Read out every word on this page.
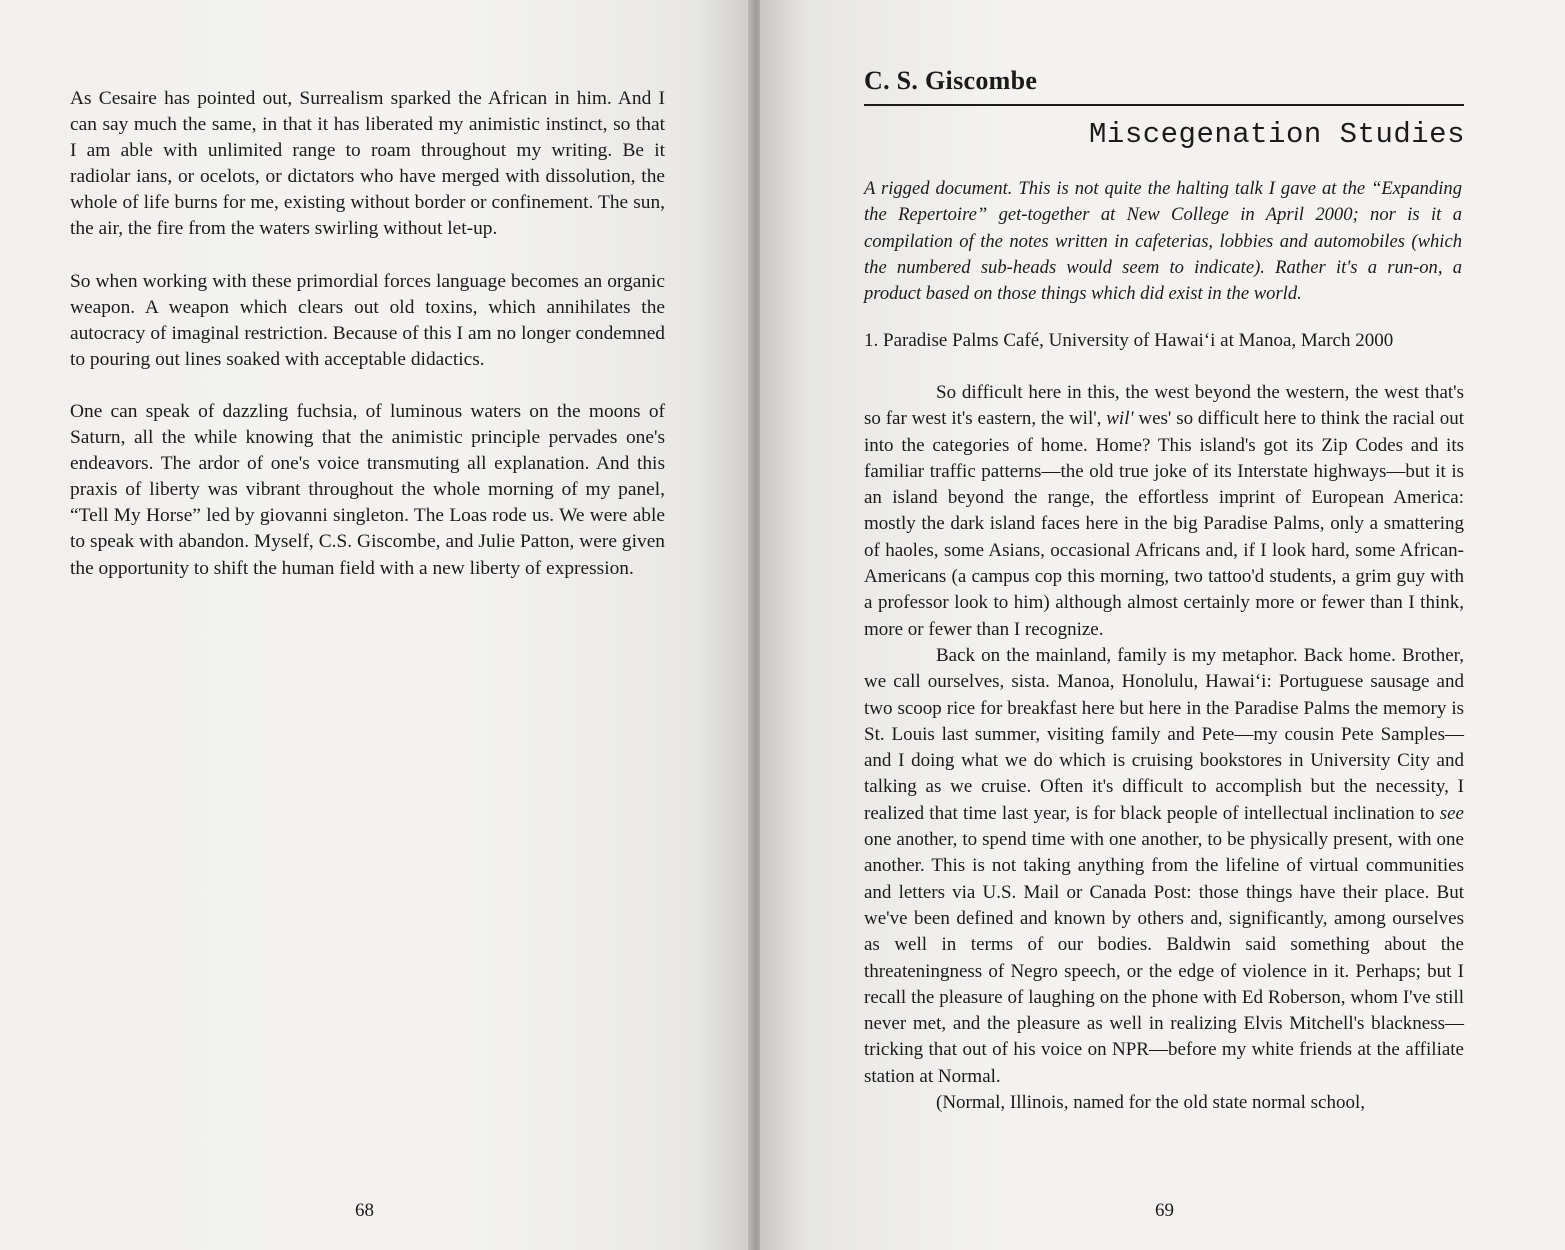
As Cesaire has pointed out, Surrealism sparked the African in him. And I can say much the same, in that it has liberated my animistic instinct, so that I am able with unlimited range to roam throughout my writing. Be it radiolar ians, or ocelots, or dictators who have merged with dissolution, the whole of life burns for me, existing without border or confinement. The sun, the air, the fire from the waters swirling without let-up.

So when working with these primordial forces language becomes an organic weapon. A weapon which clears out old toxins, which annihilates the autocracy of imaginal restriction. Because of this I am no longer condemned to pouring out lines soaked with acceptable didactics.

One can speak of dazzling fuchsia, of luminous waters on the moons of Saturn, all the while knowing that the animistic principle pervades one's endeavors. The ardor of one's voice transmuting all explanation. And this praxis of liberty was vibrant throughout the whole morning of my panel, “Tell My Horse” led by giovanni singleton. The Loas rode us. We were able to speak with abandon. Myself, C.S. Giscombe, and Julie Patton, were given the opportunity to shift the human field with a new liberty of expression.

68
C. S. Giscombe
Miscegenation Studies
A rigged document. This is not quite the halting talk I gave at the “Expanding the Repertoire” get-together at New College in April 2000; nor is it a compilation of the notes written in cafeterias, lobbies and automobiles (which the numbered sub-heads would seem to indicate). Rather it's a run-on, a product based on those things which did exist in the world.
1. Paradise Palms Café, University of Hawai‘i at Manoa, March 2000

So difficult here in this, the west beyond the western, the west that's so far west it's eastern, the wil', wil' wes' so difficult here to think the racial out into the categories of home. Home? This island's got its Zip Codes and its familiar traffic patterns—the old true joke of its Interstate highways—but it is an island beyond the range, the effortless imprint of European America: mostly the dark island faces here in the big Paradise Palms, only a smattering of haoles, some Asians, occasional Africans and, if I look hard, some African-Americans (a campus cop this morning, two tattoo'd students, a grim guy with a professor look to him) although almost certainly more or fewer than I think, more or fewer than I recognize.

Back on the mainland, family is my metaphor. Back home. Brother, we call ourselves, sista. Manoa, Honolulu, Hawai‘i: Portuguese sausage and two scoop rice for breakfast here but here in the Paradise Palms the memory is St. Louis last summer, visiting family and Pete—my cousin Pete Samples—and I doing what we do which is cruising bookstores in University City and talking as we cruise. Often it's difficult to accomplish but the necessity, I realized that time last year, is for black people of intellectual inclination to see one another, to spend time with one another, to be physically present, with one another. This is not taking anything from the lifeline of virtual communities and letters via U.S. Mail or Canada Post: those things have their place. But we've been defined and known by others and, significantly, among ourselves as well in terms of our bodies. Baldwin said something about the threateningness of Negro speech, or the edge of violence in it. Perhaps; but I recall the pleasure of laughing on the phone with Ed Roberson, whom I've still never met, and the pleasure as well in realizing Elvis Mitchell's blackness—tricking that out of his voice on NPR—before my white friends at the affiliate station at Normal.

(Normal, Illinois, named for the old state normal school,

69
